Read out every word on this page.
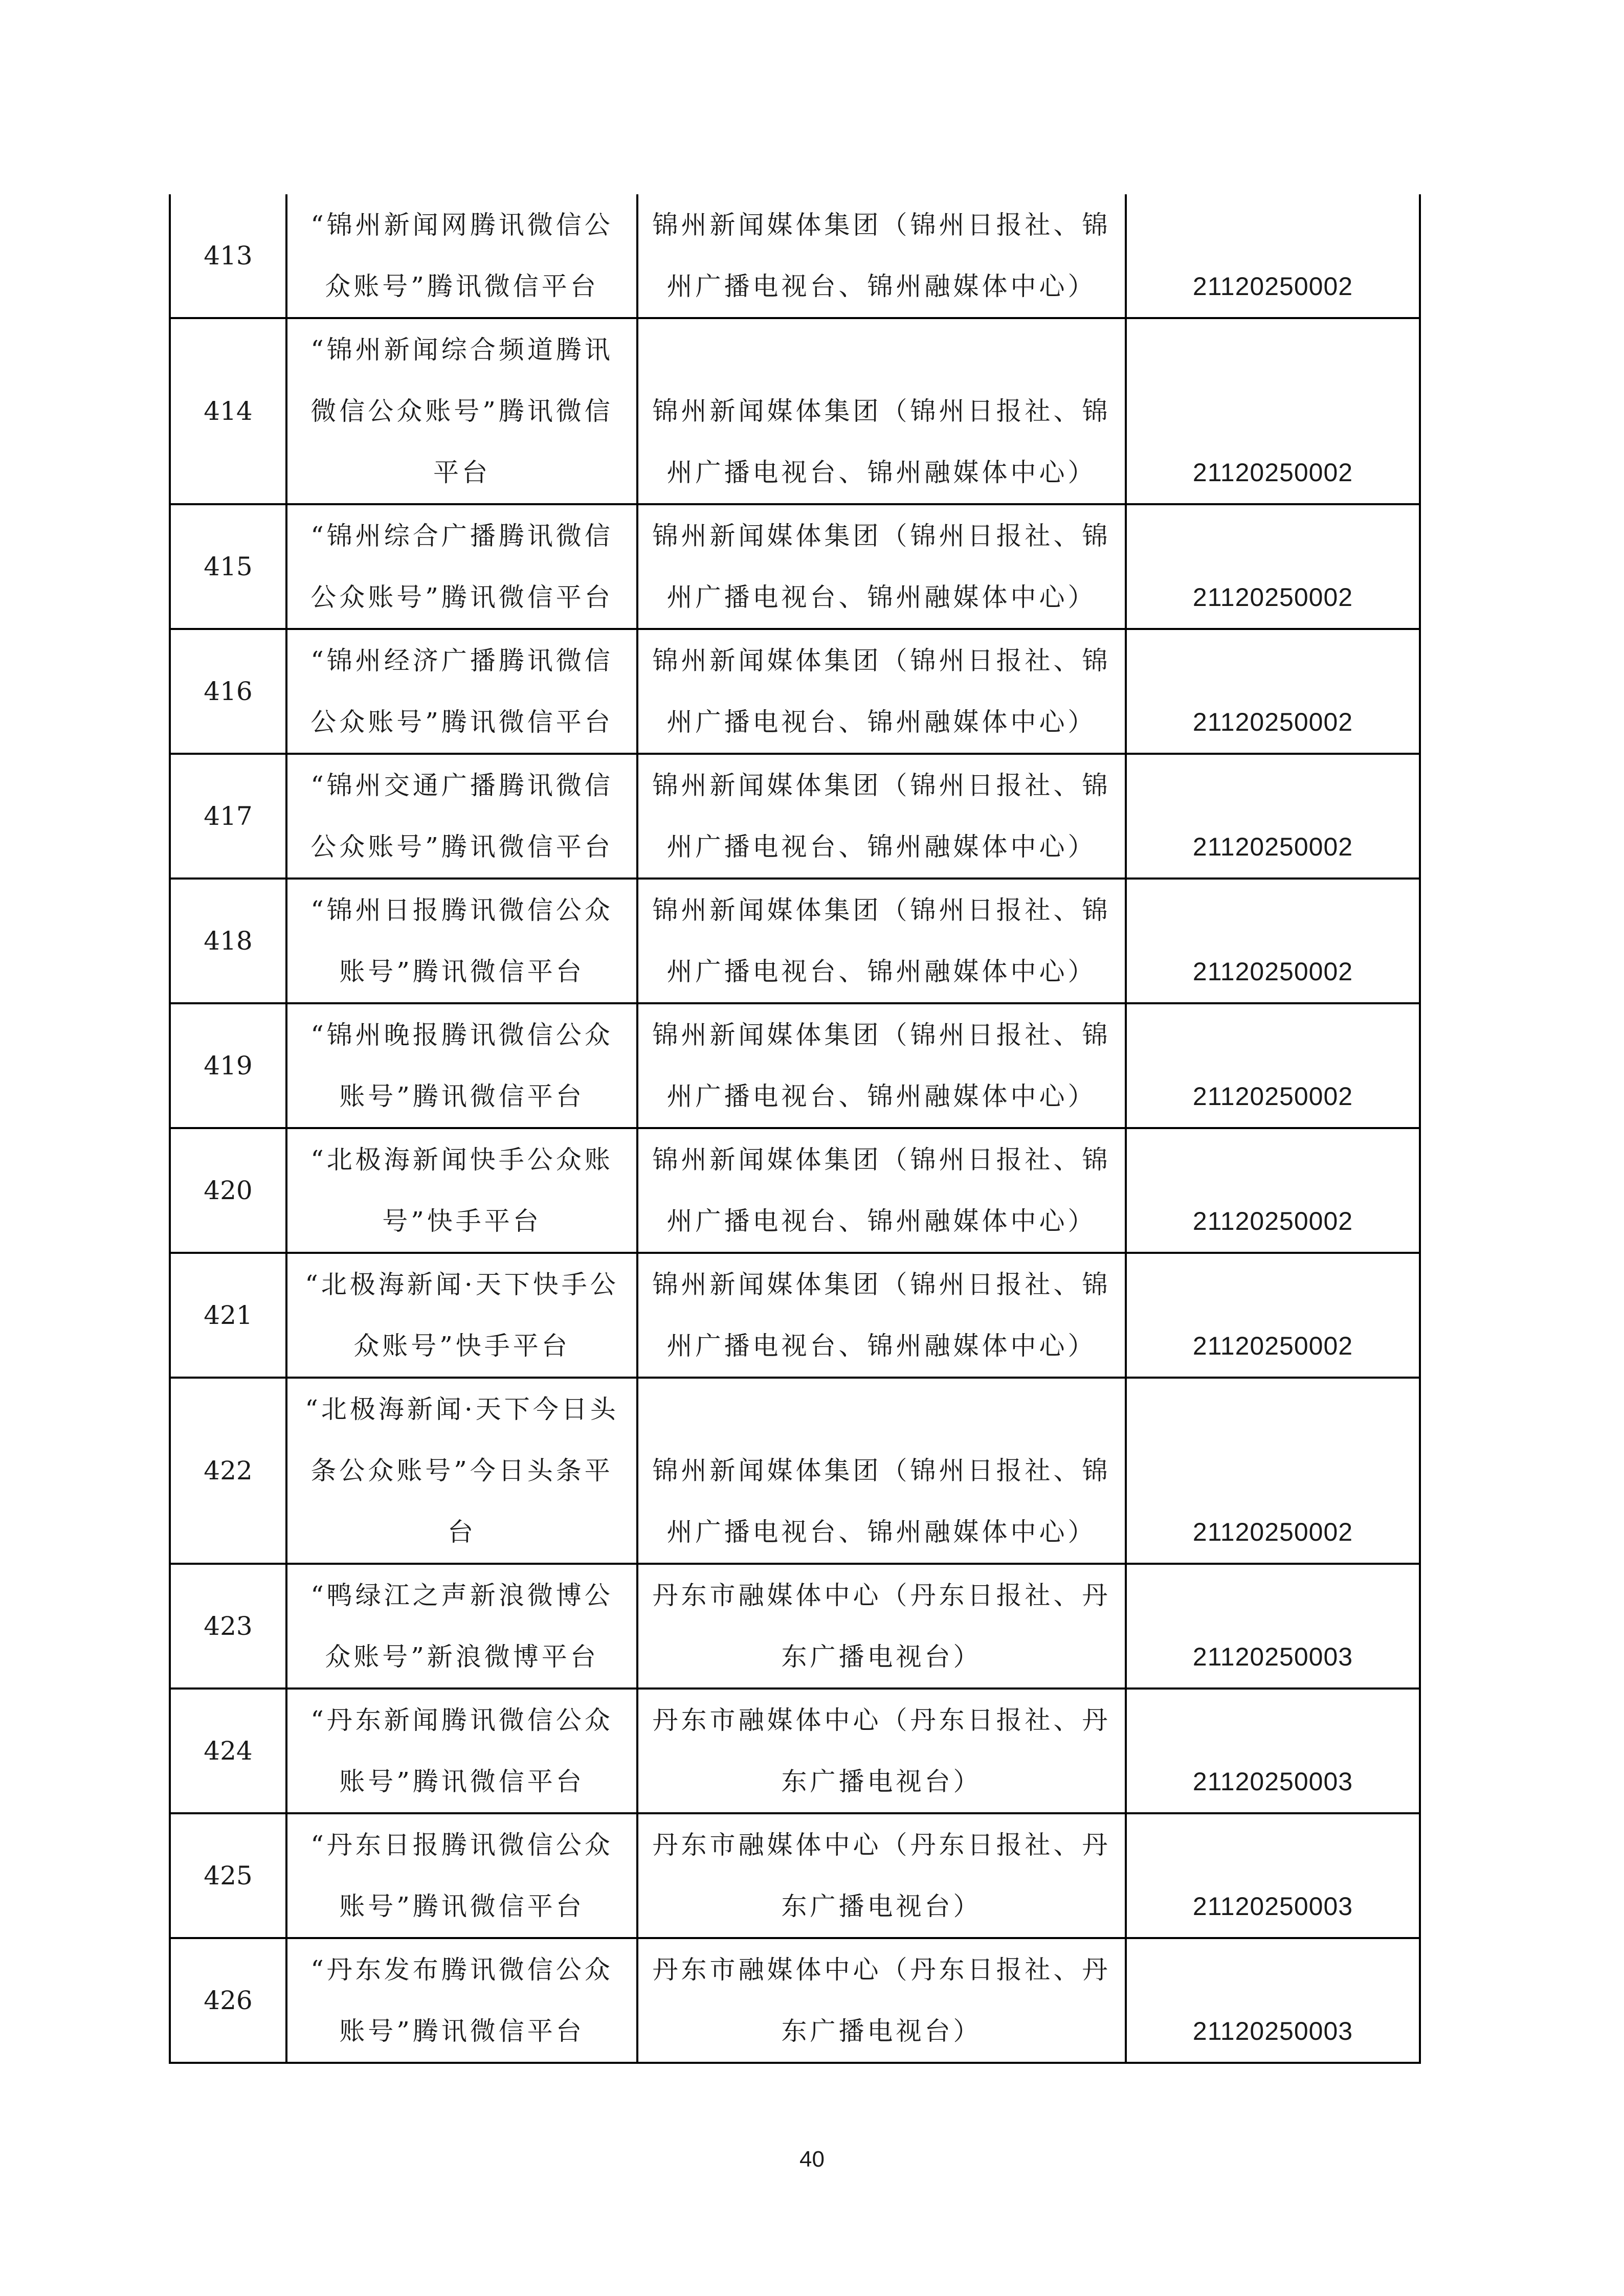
413	“锦州新闻网腾讯微信公众账号”腾讯微信平台	锦州新闻媒体集团（锦州日报社、锦州广播电视台、锦州融媒体中心）	21120250002
414	“锦州新闻综合频道腾讯微信公众账号”腾讯微信平台	锦州新闻媒体集团（锦州日报社、锦州广播电视台、锦州融媒体中心）	21120250002
415	“锦州综合广播腾讯微信公众账号”腾讯微信平台	锦州新闻媒体集团（锦州日报社、锦州广播电视台、锦州融媒体中心）	21120250002
416	“锦州经济广播腾讯微信公众账号”腾讯微信平台	锦州新闻媒体集团（锦州日报社、锦州广播电视台、锦州融媒体中心）	21120250002
417	“锦州交通广播腾讯微信公众账号”腾讯微信平台	锦州新闻媒体集团（锦州日报社、锦州广播电视台、锦州融媒体中心）	21120250002
418	“锦州日报腾讯微信公众账号”腾讯微信平台	锦州新闻媒体集团（锦州日报社、锦州广播电视台、锦州融媒体中心）	21120250002
419	“锦州晚报腾讯微信公众账号”腾讯微信平台	锦州新闻媒体集团（锦州日报社、锦州广播电视台、锦州融媒体中心）	21120250002
420	“北极海新闻快手公众账号”快手平台	锦州新闻媒体集团（锦州日报社、锦州广播电视台、锦州融媒体中心）	21120250002
421	“北极海新闻·天下快手公众账号”快手平台	锦州新闻媒体集团（锦州日报社、锦州广播电视台、锦州融媒体中心）	21120250002
422	“北极海新闻·天下今日头条公众账号”今日头条平台	锦州新闻媒体集团（锦州日报社、锦州广播电视台、锦州融媒体中心）	21120250002
423	“鸭绿江之声新浪微博公众账号”新浪微博平台	丹东市融媒体中心（丹东日报社、丹东广播电视台）	21120250003
424	“丹东新闻腾讯微信公众账号”腾讯微信平台	丹东市融媒体中心（丹东日报社、丹东广播电视台）	21120250003
425	“丹东日报腾讯微信公众账号”腾讯微信平台	丹东市融媒体中心（丹东日报社、丹东广播电视台）	21120250003
426	“丹东发布腾讯微信公众账号”腾讯微信平台	丹东市融媒体中心（丹东日报社、丹东广播电视台）	21120250003
40
